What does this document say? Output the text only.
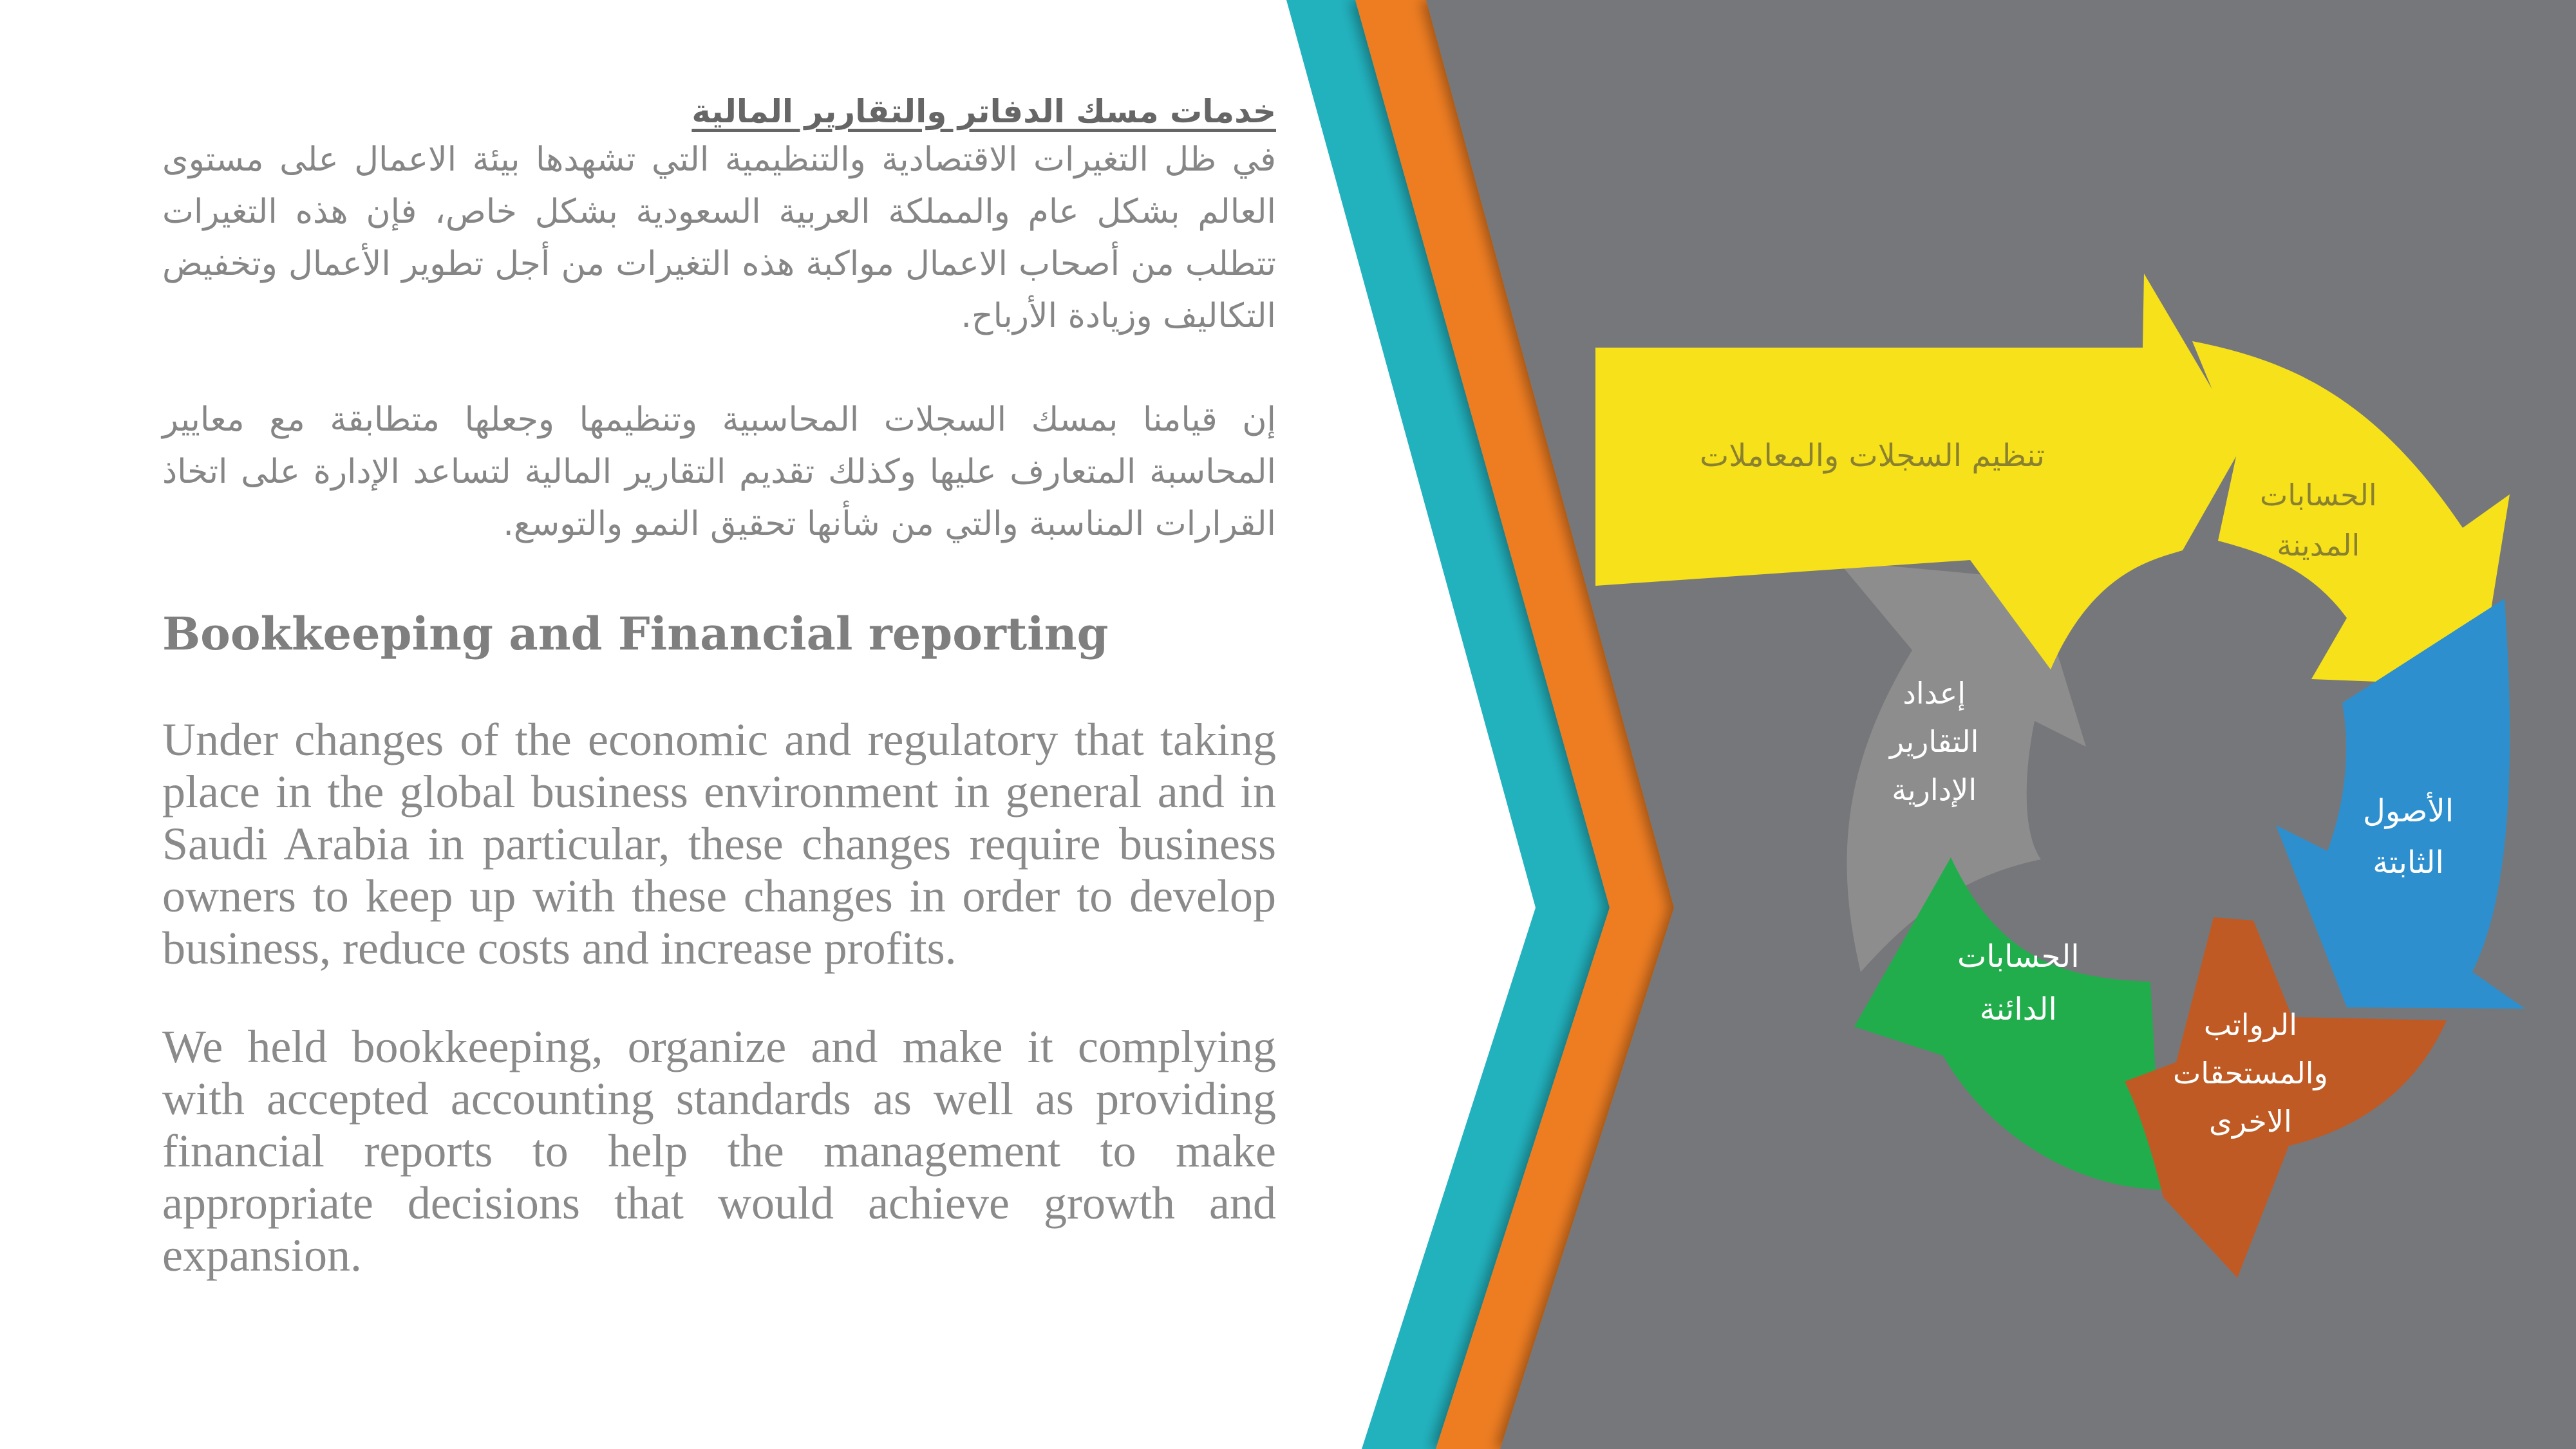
خدمات مسك الدفاتر والتقارير المالية

في ظل التغيرات الاقتصادية والتنظيمية التي تشهدها بيئة الاعمال على مستوى العالم بشكل عام والمملكة العربية السعودية بشكل خاص، فإن هذه التغيرات تتطلب من أصحاب الاعمال مواكبة هذه التغيرات من أجل تطوير الأعمال وتخفيض التكاليف وزيادة الأرباح.

إن قيامنا بمسك السجلات المحاسبية وتنظيمها وجعلها متطابقة مع معايير المحاسبة المتعارف عليها وكذلك تقديم التقارير المالية لتساعد الإدارة على اتخاذ القرارات المناسبة والتي من شأنها تحقيق النمو والتوسع.

Bookkeeping and Financial reporting

Under changes of the economic and regulatory that taking place in the global business environment in general and in Saudi Arabia in particular, these changes require business owners to keep up with these changes in order to develop business, reduce costs and increase profits.

We held bookkeeping, organize and make it complying with accepted accounting standards as well as providing financial reports to help the management to make appropriate decisions that would achieve growth and expansion.

تنظيم السجلات والمعاملات
الحسابات
المدينة
الأصول
الثابتة
الرواتب
والمستحقات
الاخرى
الحسابات
الدائنة
إعداد
التقارير
الإدارية
